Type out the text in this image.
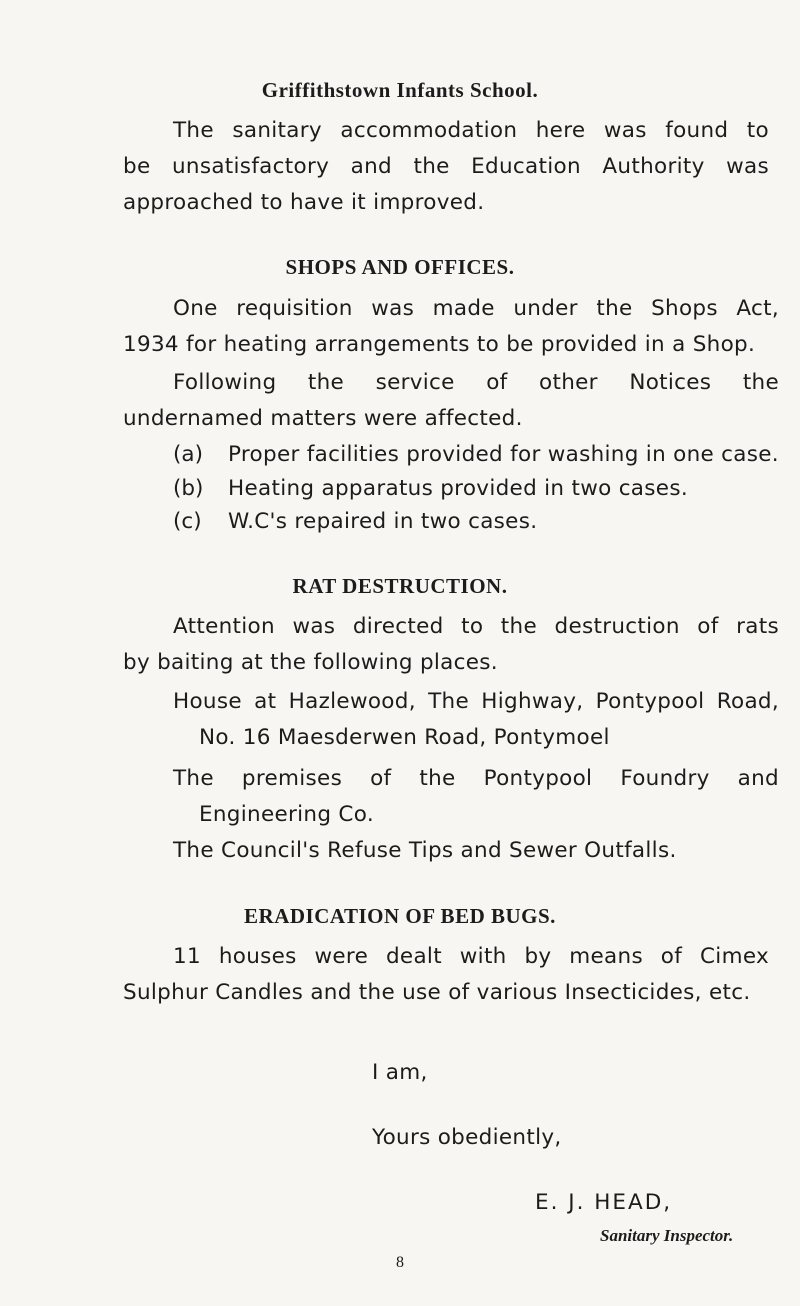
Griffithstown Infants School.
The sanitary accommodation here was found to
be unsatisfactory and the Education Authority was
approached to have it improved.
SHOPS AND OFFICES.
One requisition was made under the Shops Act,
1934 for heating arrangements to be provided in a Shop.
Following the service of other Notices the
undernamed matters were affected.
(a) Proper facilities provided for washing in one case.
(b) Heating apparatus provided in two cases.
(c) W.C's repaired in two cases.
RAT DESTRUCTION.
Attention was directed to the destruction of rats
by baiting at the following places.
House at Hazlewood, The Highway, Pontypool Road,
No. 16 Maesderwen Road, Pontymoel
The premises of the Pontypool Foundry and
Engineering Co.
The Council's Refuse Tips and Sewer Outfalls.
ERADICATION OF BED BUGS.
11 houses were dealt with by means of Cimex
Sulphur Candles and the use of various Insecticides, etc.
I am,
Yours obediently,
E. J. HEAD,
Sanitary Inspector.
8
